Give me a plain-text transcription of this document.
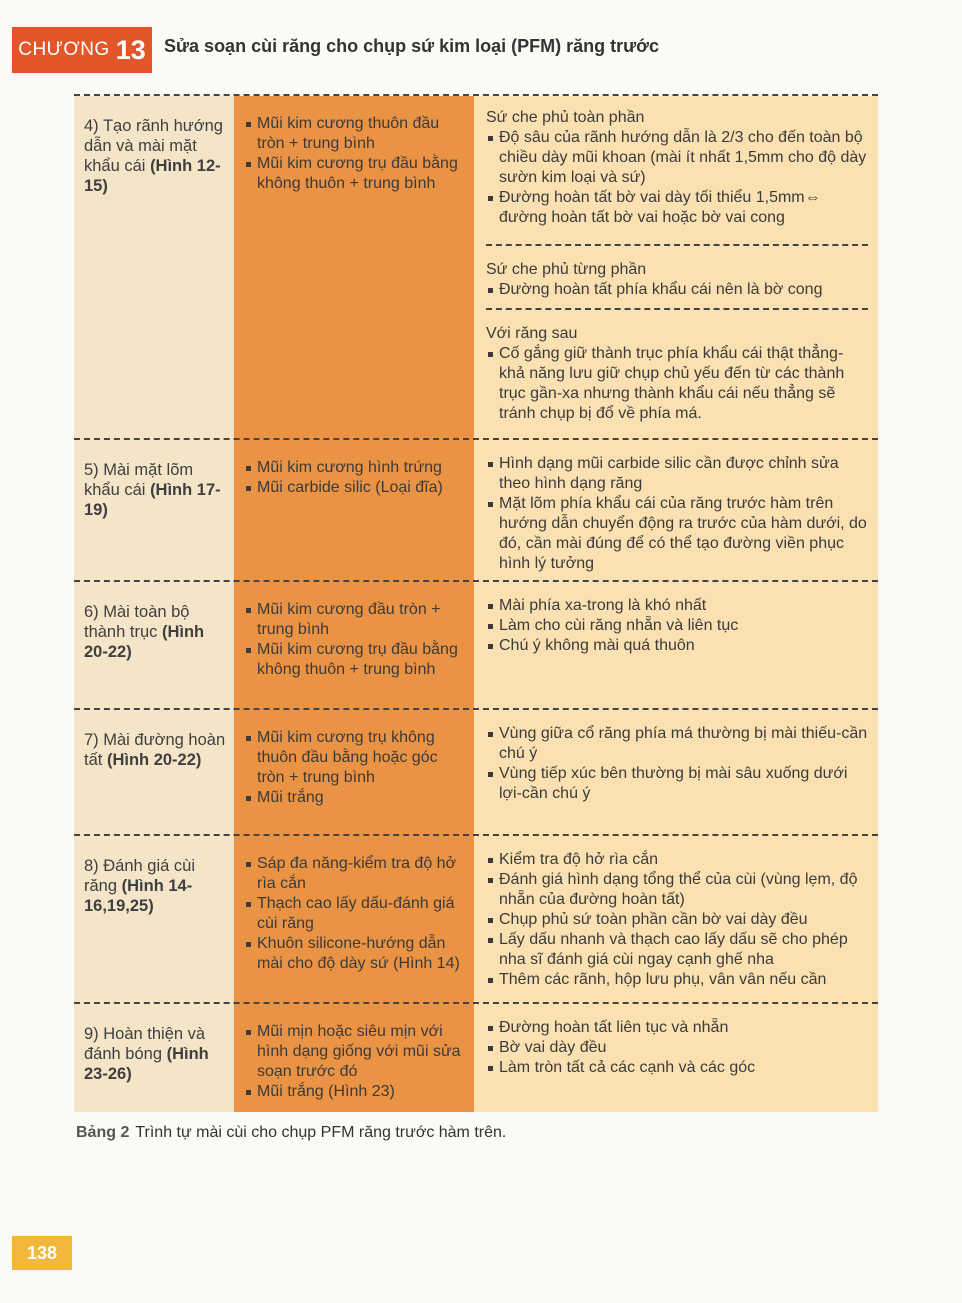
CHƯƠNG 13 Sửa soạn cùi răng cho chụp sứ kim loại (PFM) răng trước
4) Tạo rãnh hướng dẫn và mài mặt khẩu cái (Hình 12-15)
Mũi kim cương thuôn đầu tròn + trung bình
Mũi kim cương trụ đầu bằng không thuôn + trung bình
Sứ che phủ toàn phần
Độ sâu của rãnh hướng dẫn là 2/3 cho đến toàn bộ chiều dày mũi khoan (mài ít nhất 1,5mm cho độ dày sườn kim loại và sứ)
Đường hoàn tất bờ vai dày tối thiểu 1,5mm⇔ đường hoàn tất bờ vai hoặc bờ vai cong
Sứ che phủ từng phần
Đường hoàn tất phía khẩu cái nên là bờ cong
Với răng sau
Cố gắng giữ thành trục phía khẩu cái thật thẳng-khả năng lưu giữ chụp chủ yếu đến từ các thành trục gần-xa nhưng thành khẩu cái nếu thẳng sẽ tránh chụp bị đổ về phía má.
5) Mài mặt lõm khẩu cái (Hình 17-19)
Mũi kim cương hình trứng
Mũi carbide silic (Loại đĩa)
Hình dạng mũi carbide silic cần được chỉnh sửa theo hình dạng răng
Mặt lõm phía khẩu cái của răng trước hàm trên hướng dẫn chuyển động ra trước của hàm dưới, do đó, cần mài đúng để có thể tạo đường viền phục hình lý tưởng
6) Mài toàn bộ thành trục (Hình 20-22)
Mũi kim cương đầu tròn + trung bình
Mũi kim cương trụ đầu bằng không thuôn + trung bình
Mài phía xa-trong là khó nhất
Làm cho cùi răng nhẵn và liên tục
Chú ý không mài quá thuôn
7) Mài đường hoàn tất (Hình 20-22)
Mũi kim cương trụ không thuôn đầu bằng hoặc góc tròn + trung bình
Mũi trắng
Vùng giữa cổ răng phía má thường bị mài thiếu-cần chú ý
Vùng tiếp xúc bên thường bị mài sâu xuống dưới lợi-cần chú ý
8) Đánh giá cùi răng (Hình 14-16,19,25)
Sáp đa năng-kiểm tra độ hở rìa cắn
Thạch cao lấy dấu-đánh giá cùi răng
Khuôn silicone-hướng dẫn mài cho độ dày sứ (Hình 14)
Kiểm tra độ hở rìa cắn
Đánh giá hình dạng tổng thể của cùi (vùng lẹm, độ nhẵn của đường hoàn tất)
Chụp phủ sứ toàn phần cần bờ vai dày đều
Lấy dấu nhanh và thạch cao lấy dấu sẽ cho phép nha sĩ đánh giá cùi ngay cạnh ghế nha
Thêm các rãnh, hộp lưu phụ, vân vân nếu cần
9) Hoàn thiện và đánh bóng (Hình 23-26)
Mũi mịn hoặc siêu mịn với hình dạng giống với mũi sửa soạn trước đó
Mũi trắng (Hình 23)
Đường hoàn tất liên tục và nhẵn
Bờ vai dày đều
Làm tròn tất cả các cạnh và các góc
Bảng 2 Trình tự mài cùi cho chụp PFM răng trước hàm trên.
138
